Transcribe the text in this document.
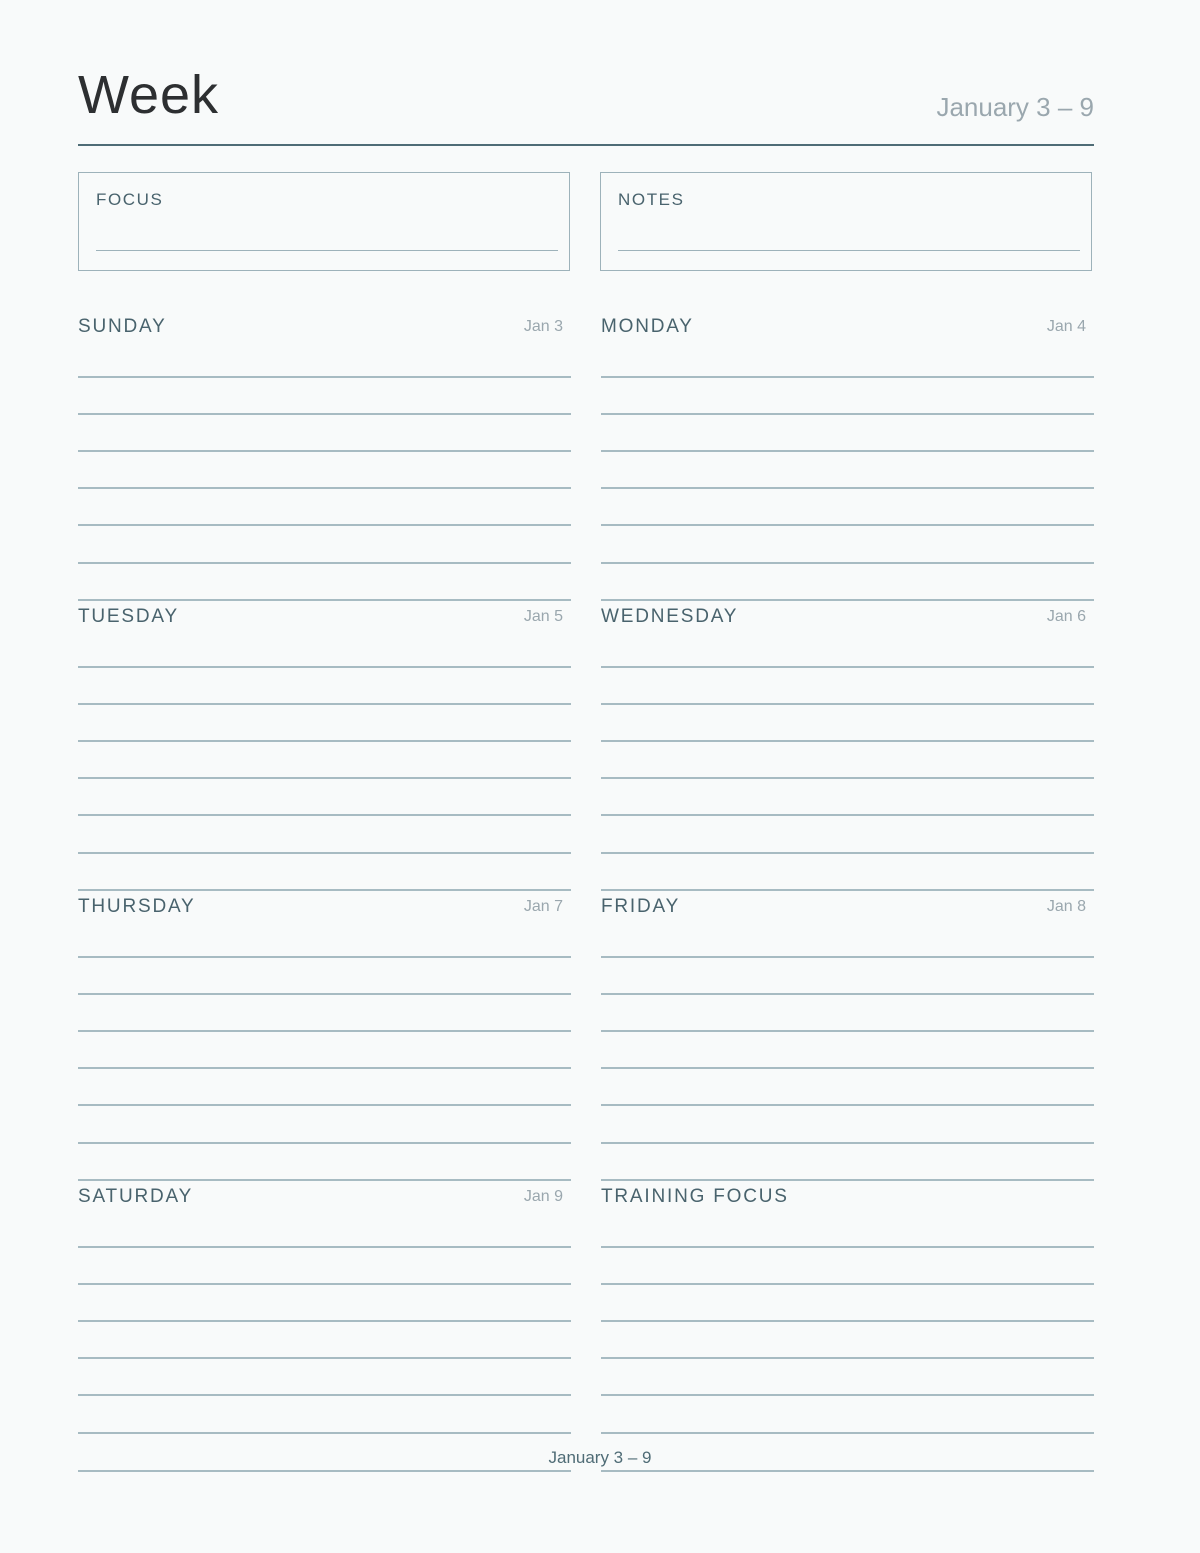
Week	January 3 – 9
FOCUS	NOTES
SUNDAY	Jan 3 MONDAY	Jan 4
TUESDAY	Jan 5 WEDNESDAY	Jan 6
THURSDAY	Jan 7 FRIDAY	Jan 8
SATURDAY	Jan 9 TRAINING FOCUS
January 3 – 9
